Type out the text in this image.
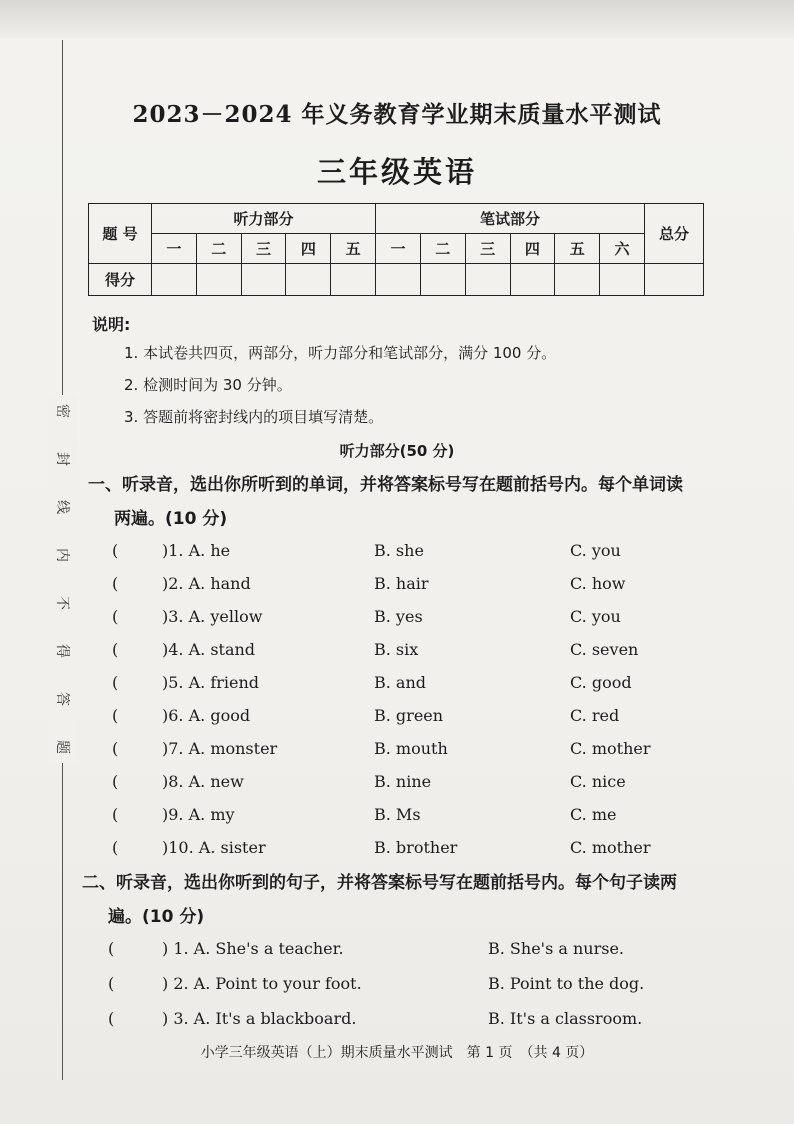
密
封
线
内
不
得
答
题
2023－2024 年义务教育学业期末质量水平测试
三年级英语
题 号	听力部分					笔试部分						总分
	一	二	三	四	五	一	二	三	四	五	六	
得分												
说明:
1. 本试卷共四页，两部分，听力部分和笔试部分，满分 100 分。
2. 检测时间为 30 分钟。
3. 答题前将密封线内的项目填写清楚。
听力部分(50 分)
一、听录音，选出你所听到的单词，并将答案标号写在题前括号内。每个单词读
两遍。(10 分)
(	)1. A. he	B. she	C. you
(	)2. A. hand	B. hair	C. how
(	)3. A. yellow	B. yes	C. you
(	)4. A. stand	B. six	C. seven
(	)5. A. friend	B. and	C. good
(	)6. A. good	B. green	C. red
(	)7. A. monster	B. mouth	C. mother
(	)8. A. new	B. nine	C. nice
(	)9. A. my	B. Ms	C. me
(	)10. A. sister	B. brother	C. mother
二、听录音，选出你听到的句子，并将答案标号写在题前括号内。每个句子读两
遍。(10 分)
(	) 1. A. She's a teacher.	B. She's a nurse.
(	) 2. A. Point to your foot.	B. Point to the dog.
(	) 3. A. It's a blackboard.	B. It's a classroom.
小学三年级英语（上）期末质量水平测试　第 1 页　（共 4 页）
